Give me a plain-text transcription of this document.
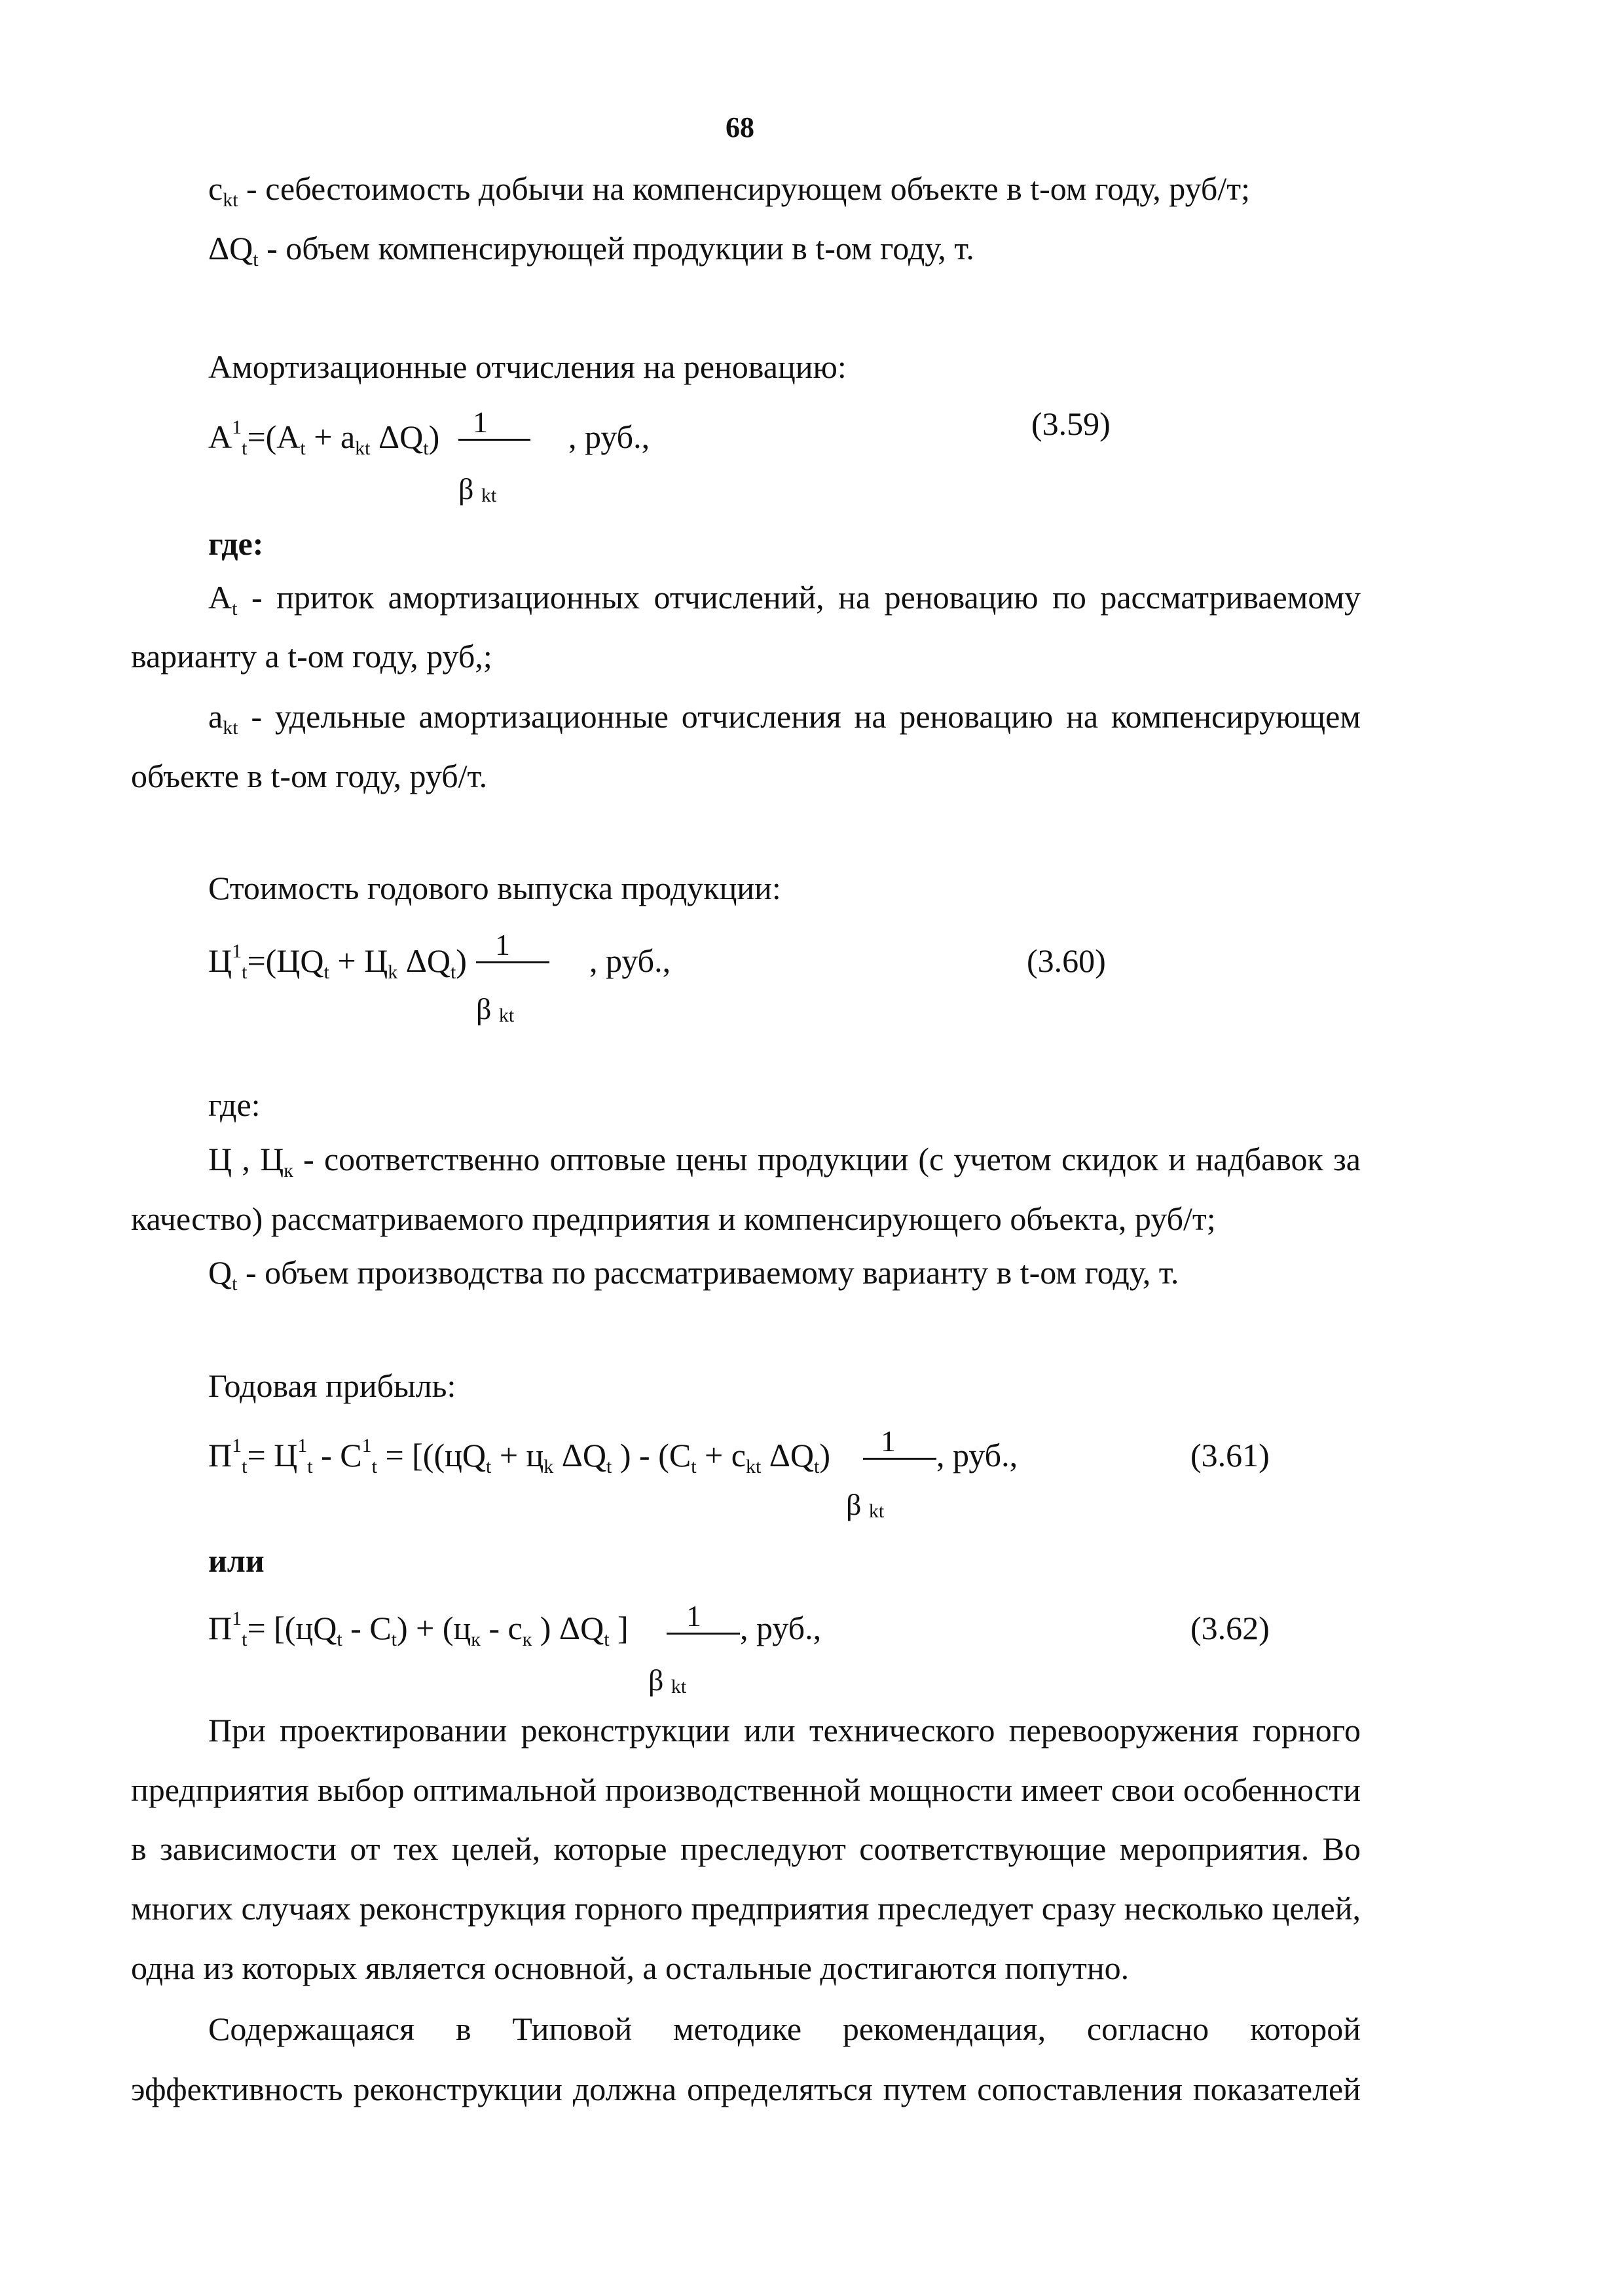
68
$с_{kt}$ - себестоимость добычи на компенсирующем объекте в t-ом году, руб/т;
$\Delta Q_t$ - объем компенсирующей продукции в t-ом году, т.
Амортизационные отчисления на реновацию:
$A^1_t=(A_t + a_{kt}$ $\Delta Q_t$) 1
β $_{kt}$
, руб.,	(3.59)
где:
$A_t$ - приток амортизационных отчислений, на реновацию по рассматриваемому
варианту а t-ом году, руб,;
$a_{kt}$ - удельные амортизационные отчисления на реновацию на компенсирующем
объекте в t-ом году, руб/т.
Стоимость годового выпуска продукции:
$Ц^1_t=(ЦQ_t + Ц_k$ $\Delta Q_t$) 1
β $_{kt}$
, руб.,	(3.60)
где:
Ц , $Ц_к$ - соответственно оптовые цены продукции (с учетом скидок и надбавок за
качество) рассматриваемого предприятия и компенсирующего объекта, руб/т;
$Q_t$ - объем производства по рассматриваемому варианту в t-ом году, т.
Годовая прибыль:
$П^1_t= Ц^1_t - С^1_t = [((цQ_t + ц_k$ $\Delta Q_t$ ) - ($C_t + c_{kt}$ $\Delta Q_t$) 1
β $_{kt}$
, руб.,	(3.61)
или
$П^1_t= [(цQ_t - C_t) + (ц_к - с_к$ ) $\Delta Q_t$ ] 1
β $_{kt}$
, руб.,	(3.62)
При проектировании реконструкции или технического перевооружения горного
предприятия выбор оптимальной производственной мощности имеет свои особенности
в зависимости от тех целей, которые преследуют соответствующие мероприятия. Во
многих случаях реконструкция горного предприятия преследует сразу несколько целей,
одна из которых является основной, а остальные достигаются попутно.
Содержащаяся в Типовой методике рекомендация, согласно которой
эффективность реконструкции должна определяться путем сопоставления показателей
